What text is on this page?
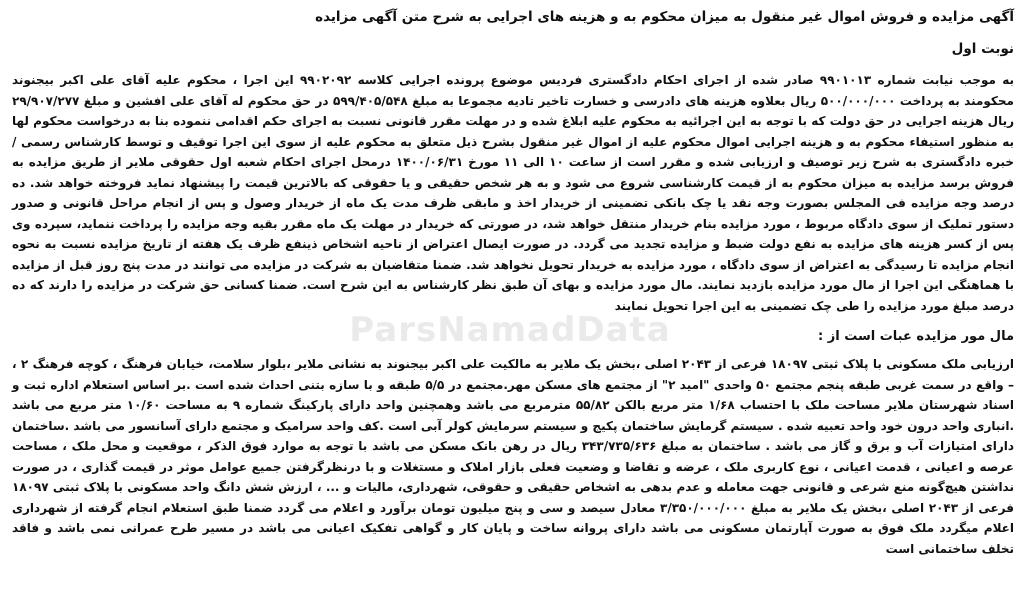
آگهی مزایده و فروش اموال غیر منقول به میزان محکوم به و هزینه های اجرایی به شرح متن آگهی مزایده
نوبت اول

به موجب نیابت شماره ۹۹۰۱۰۱۳ صادر شده از اجرای احکام دادگستری فردیس موضوع پرونده اجرایی کلاسه ۹۹۰۲۰۹۲ این اجرا ، محکوم علیه آقای علی اکبر بیجنوند محکومند به پرداخت ۵۰۰/۰۰۰/۰۰۰ ریال بعلاوه هزینه های دادرسی و خسارت تاخیر تادیه مجموعا به مبلغ ۵۹۹/۴۰۵/۵۴۸ در حق محکوم له آقای علی افشین و مبلغ ۲۹/۹۰۷/۲۷۷ ریال هزینه اجرایی در حق دولت که با توجه به این اجرائیه به محکوم علیه ابلاغ شده و در مهلت مقرر قانونی نسبت به اجرای حکم اقدامی ننموده بنا به درخواست محکوم لها به منظور استیفاء محکوم به و هزینه اجرایی اموال محکوم علیه از اموال غیر منقول بشرح ذیل متعلق به محکوم علیه از سوی این اجرا توقیف و توسط کارشناس رسمی / خبره دادگستری به شرح زیر توصیف و ارزیابی شده و مقرر است از ساعت ۱۰ الی ۱۱ مورخ ۱۴۰۰/۰۶/۳۱ درمحل اجرای احکام شعبه اول حقوقی ملایر از طریق مزایده به فروش برسد مزایده به میزان محکوم به از قیمت کارشناسی شروع می شود و به هر شخص حقیقی و یا حقوقی که بالاترین قیمت را پیشنهاد نماید فروخته خواهد شد. ده درصد وجه مزایده فی المجلس بصورت وجه نقد یا چک بانکی تضمینی از خریدار اخذ و مابقی ظرف مدت یک ماه از خریدار وصول و پس از انجام مراحل قانونی و صدور دستور تملیک از سوی دادگاه مربوط ، مورد مزایده بنام خریدار منتقل خواهد شد، در صورتی که خریدار در مهلت یک ماه مقرر بقیه وجه مزایده را پرداخت ننماید، سپرده وی پس از کسر هزینه های مزایده به نفع دولت ضبط و مزایده تجدید می گردد. در صورت ایصال اعتراض از ناحیه اشخاص ذینفع ظرف یک هفته از تاریخ مزایده نسبت به نحوه انجام مزایده تا رسیدگی به اعتراض از سوی دادگاه ، مورد مزایده به خریدار تحویل نخواهد شد. ضمنا متقاضیان به شرکت در مزایده می توانند در مدت پنج روز قبل از مزایده با هماهنگی این اجرا از مال مورد مزایده بازدید نمایند. مال مورد مزایده و بهای آن طبق نظر کارشناس به این شرح است. ضمنا کسانی حق شرکت در مزایده را دارند که ده درصد مبلغ مورد مزایده را طی چک تضمینی به این اجرا تحویل نمایند

مال مور مزایده عبات است از :

ارزیابی ملک مسکونی با پلاک ثبتی ۱۸۰۹۷ فرعی از ۲۰۴۳ اصلی ،بخش یک ملایر به مالکیت علی اکبر بیجنوند به نشانی ملایر ،بلوار سلامت، خیابان فرهنگ ، کوچه فرهنگ ۲ ، – واقع در سمت غربی طبقه پنجم مجتمع ۵۰ واحدی "امید ۲" از مجتمع های مسکن مهر.مجتمع در ۵/۵ طبقه و با سازه بتنی احداث شده است .بر اساس استعلام اداره ثبت و اسناد شهرستان ملایر مساحت ملک با احتساب ۱/۶۸ متر مربع بالکن ۵۵/۸۲ مترمربع می باشد وهمچنین واحد دارای پارکینگ شماره ۹ به مساحت ۱۰/۶۰ متر مربع می باشد .انباری واحد درون خود واحد تعبیه شده . سیستم گرمایش ساختمان پکیج و سیستم سرمایش کولر آبی است .کف واحد سرامیک و مجتمع دارای آسانسور می باشد .ساختمان دارای امتیازات آب و برق و گاز می باشد . ساختمان به مبلغ ۳۴۳/۷۳۵/۶۳۶ ریال در رهن بانک مسکن می باشد با توجه به موارد فوق الذکر ، موقعیت و محل ملک ، مساحت عرصه و اعیانی ، قدمت اعیانی ، نوع کاربری ملک ، عرضه و تقاضا و وضعیت فعلی بازار املاک و مستغلات و با درنظرگرفتن جمیع عوامل موثر در قیمت گذاری ، در صورت نداشتن هیچ‌گونه منع شرعی و قانونی جهت معامله و عدم بدهی به اشخاص حقیقی و حقوقی، شهرداری، مالیات و ... ، ارزش شش دانگ واحد مسکونی با پلاک ثبتی ۱۸۰۹۷ فرعی از ۲۰۴۳ اصلی ،بخش یک ملایر به مبلغ ۳/۳۵۰/۰۰۰/۰۰۰ معادل سیصد و سی و پنج میلیون تومان برآورد و اعلام می گردد ضمنا طبق استعلام انجام گرفته از شهرداری اعلام میگردد ملک فوق به صورت آپارتمان مسکونی می باشد دارای پروانه ساخت و پایان کار و گواهی تفکیک اعیانی می باشد در مسیر طرح عمرانی نمی باشد و فاقد تخلف ساختمانی است

ParsNamadData
